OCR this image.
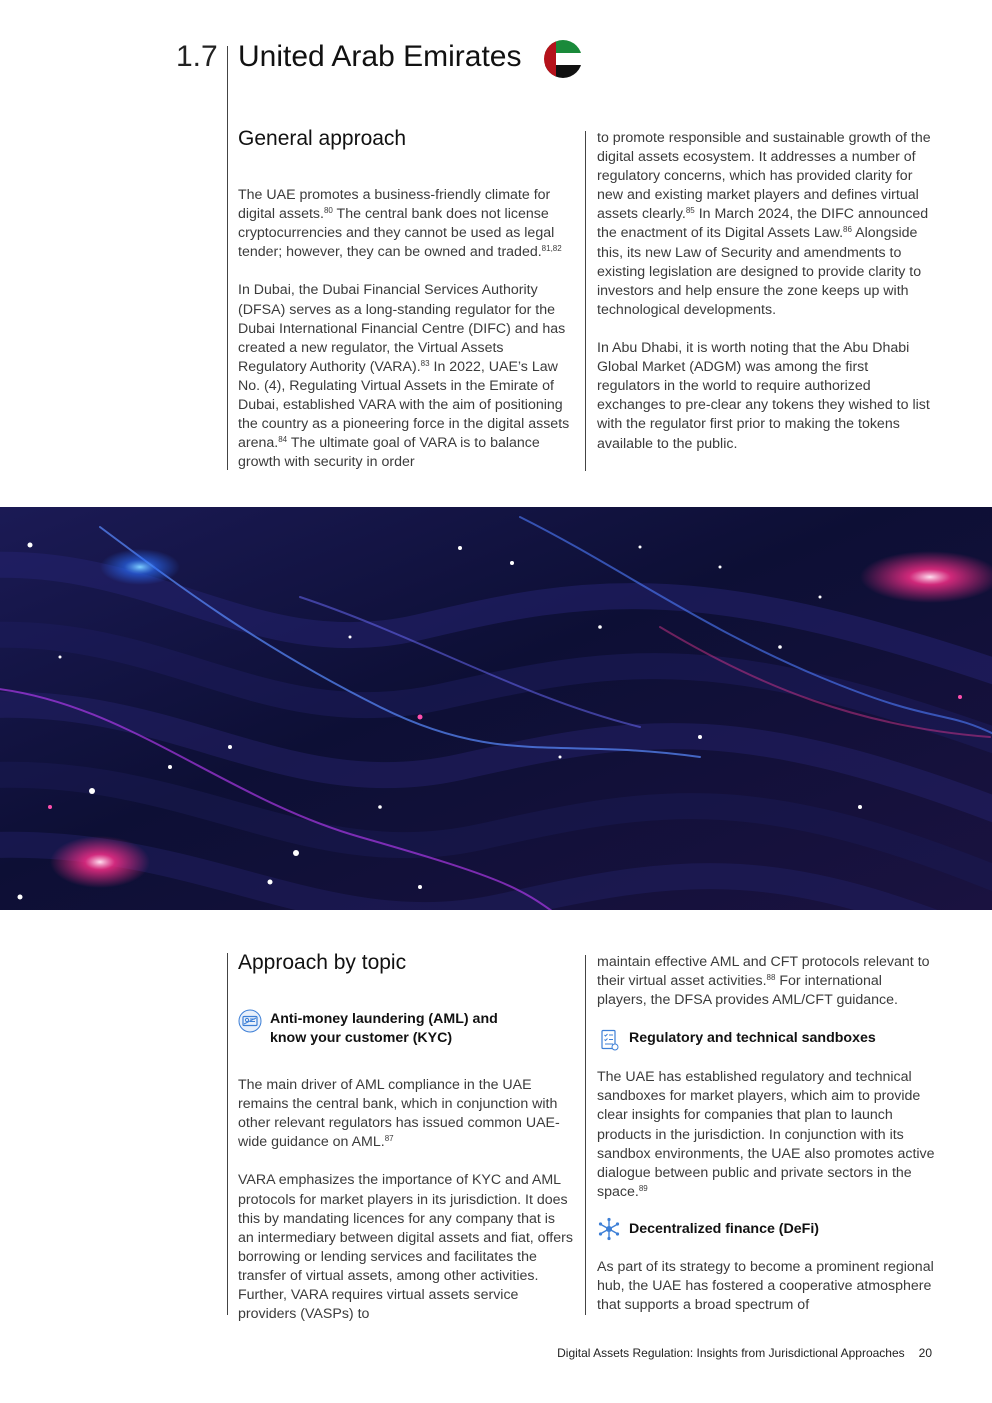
1.7 United Arab Emirates
General approach

The UAE promotes a business-friendly climate for digital assets.$^{80}$ The central bank does not license cryptocurrencies and they cannot be used as legal tender; however, they can be owned and traded.$^{81,82}$

In Dubai, the Dubai Financial Services Authority (DFSA) serves as a long-standing regulator for the Dubai International Financial Centre (DIFC) and has created a new regulator, the Virtual Assets Regulatory Authority (VARA).$^{83}$ In 2022, UAE’s Law No. (4), Regulating Virtual Assets in the Emirate of Dubai, established VARA with the aim of positioning the country as a pioneering force in the digital assets arena.$^{84}$ The ultimate goal of VARA is to balance growth with security in order

to promote responsible and sustainable growth of the digital assets ecosystem. It addresses a number of regulatory concerns, which has provided clarity for new and existing market players and defines virtual assets clearly.$^{85}$ In March 2024, the DIFC announced the enactment of its Digital Assets Law.$^{86}$ Alongside this, its new Law of Security and amendments to existing legislation are designed to provide clarity to investors and help ensure the zone keeps up with technological developments.

In Abu Dhabi, it is worth noting that the Abu Dhabi Global Market (ADGM) was among the first regulators in the world to require authorized exchanges to pre-clear any tokens they wished to list with the regulator first prior to making the tokens available to the public.

Approach by topic
Anti-money laundering (AML) and know your customer (KYC)

The main driver of AML compliance in the UAE remains the central bank, which in conjunction with other relevant regulators has issued common UAE-wide guidance on AML.$^{87}$

VARA emphasizes the importance of KYC and AML protocols for market players in its jurisdiction. It does this by mandating licences for any company that is an intermediary between digital assets and fiat, offers borrowing or lending services and facilitates the transfer of virtual assets, among other activities. Further, VARA requires virtual assets service providers (VASPs) to

maintain effective AML and CFT protocols relevant to their virtual asset activities.$^{88}$ For international players, the DFSA provides AML/CFT guidance.

Regulatory and technical sandboxes

The UAE has established regulatory and technical sandboxes for market players, which aim to provide clear insights for companies that plan to launch products in the jurisdiction. In conjunction with its sandbox environments, the UAE also promotes active dialogue between public and private sectors in the space.$^{89}$

Decentralized finance (DeFi)

As part of its strategy to become a prominent regional hub, the UAE has fostered a cooperative atmosphere that supports a broad spectrum of

Digital Assets Regulation: Insights from Jurisdictional Approaches 20
